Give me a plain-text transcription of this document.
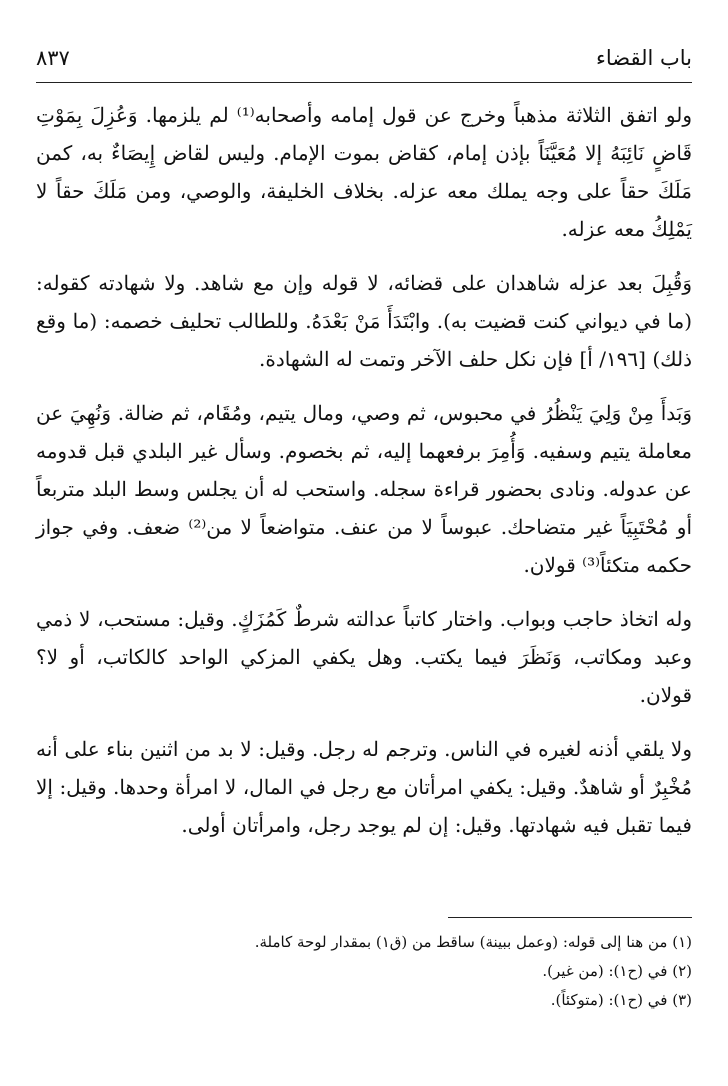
باب القضاء
٨٣٧

ولو اتفق الثلاثة مذهباً وخرج عن قول إمامه وأصحابه⁽¹⁾ لم يلزمها. وَعُزِلَ بِمَوْتِ قَاضٍ نَائِبَهُ إلا مُعَيَّنَاً بإذن إمام، كقاض بموت الإمام. وليس لقاض إِيصَاءٌ به، كمن مَلَكَ حقاً على وجه يملك معه عزله. بخلاف الخليفة، والوصي، ومن مَلَكَ حقاً لا يَمْلِكُ معه عزله.

وَقُبِلَ بعد عزله شاهدان على قضائه، لا قوله وإن مع شاهد. ولا شهادته كقوله: (ما في ديواني كنت قضيت به). وابْتَدَأَ مَنْ بَعْدَهُ. وللطالب تحليف خصمه: (ما وقع ذلك) [١٩٦/ أ] فإن نكل حلف الآخر وتمت له الشهادة.

وَبَدأَ مِنْ وَلِيَ يَنْظُرُ في محبوس، ثم وصي، ومال يتيم، ومُقَام، ثم ضالة. وَنُهِيَ عن معاملة يتيم وسفيه. وَأُمِرَ برفعهما إليه، ثم بخصوم. وسأل غير البلدي قبل قدومه عن عدوله. ونادى بحضور قراءة سجله. واستحب له أن يجلس وسط البلد متربعاً أو مُحْتَبِيَاً غير متضاحك. عبوساً لا من عنف. متواضعاً لا من⁽²⁾ ضعف. وفي جواز حكمه متكئاً⁽³⁾ قولان.

وله اتخاذ حاجب وبواب. واختار كاتباً عدالته شرطٌ كَمُزَكٍ. وقيل: مستحب، لا ذمي وعبد ومكاتب، وَنَظَرَ فيما يكتب. وهل يكفي المزكي الواحد كالكاتب، أو لا؟ قولان.

ولا يلقي أذنه لغيره في الناس. وترجم له رجل. وقيل: لا بد من اثنين بناء على أنه مُخْبِرٌ أو شاهدٌ. وقيل: يكفي امرأتان مع رجل في المال، لا امرأة وحدها. وقيل: إلا فيما تقبل فيه شهادتها. وقيل: إن لم يوجد رجل، وامرأتان أولى.

(١) من هنا إلى قوله: (وعمل ببينة) ساقط من (ق١) بمقدار لوحة كاملة.
(٢) في (ح١): (من غير).
(٣) في (ح١): (متوكئاً).
